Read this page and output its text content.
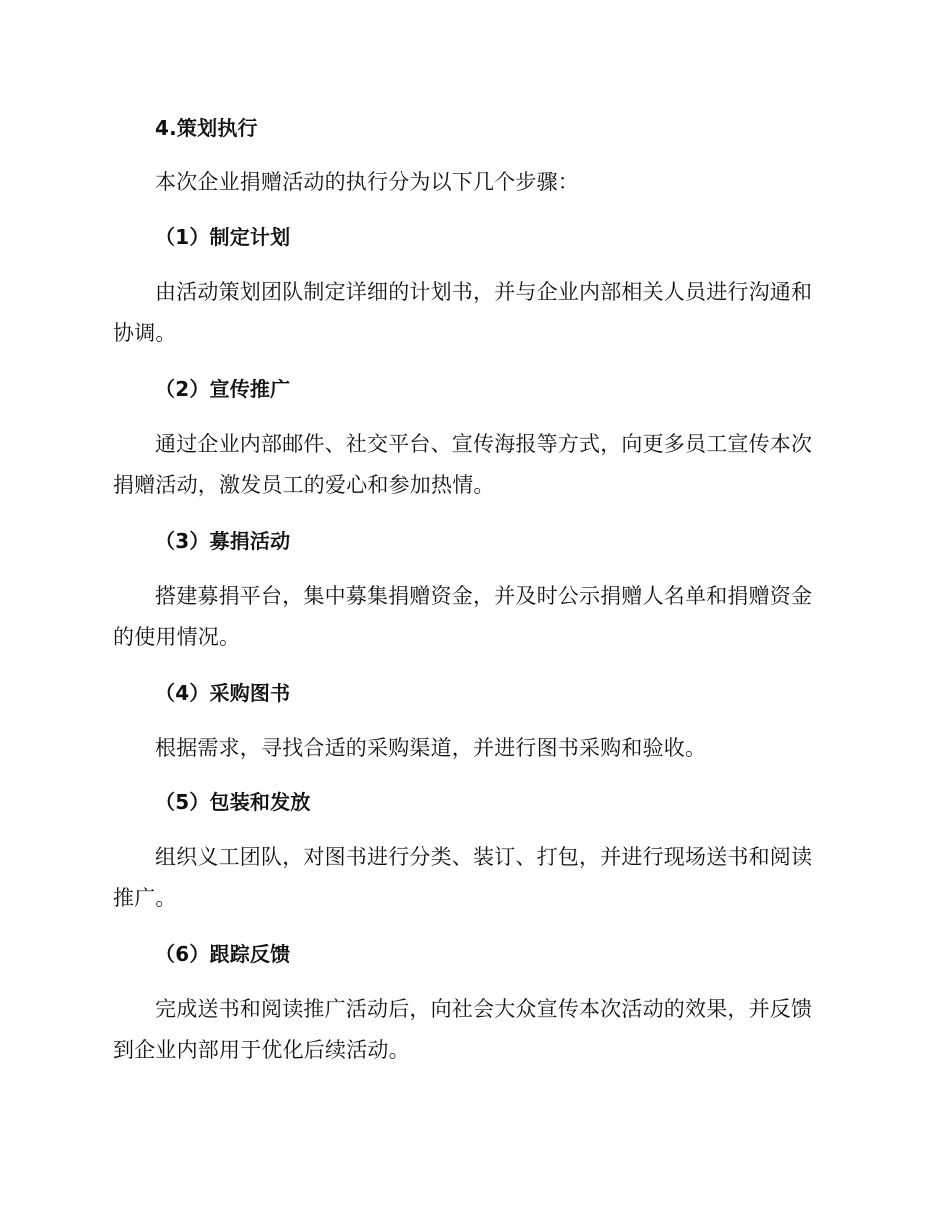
4.策划执行
本次企业捐赠活动的执行分为以下几个步骤：
（1）制定计划
由活动策划团队制定详细的计划书，并与企业内部相关人员进行沟通和
协调。
（2）宣传推广
通过企业内部邮件、社交平台、宣传海报等方式，向更多员工宣传本次
捐赠活动，激发员工的爱心和参加热情。
（3）募捐活动
搭建募捐平台，集中募集捐赠资金，并及时公示捐赠人名单和捐赠资金
的使用情况。
（4）采购图书
根据需求，寻找合适的采购渠道，并进行图书采购和验收。
（5）包装和发放
组织义工团队，对图书进行分类、装订、打包，并进行现场送书和阅读
推广。
（6）跟踪反馈
完成送书和阅读推广活动后，向社会大众宣传本次活动的效果，并反馈
到企业内部用于优化后续活动。
